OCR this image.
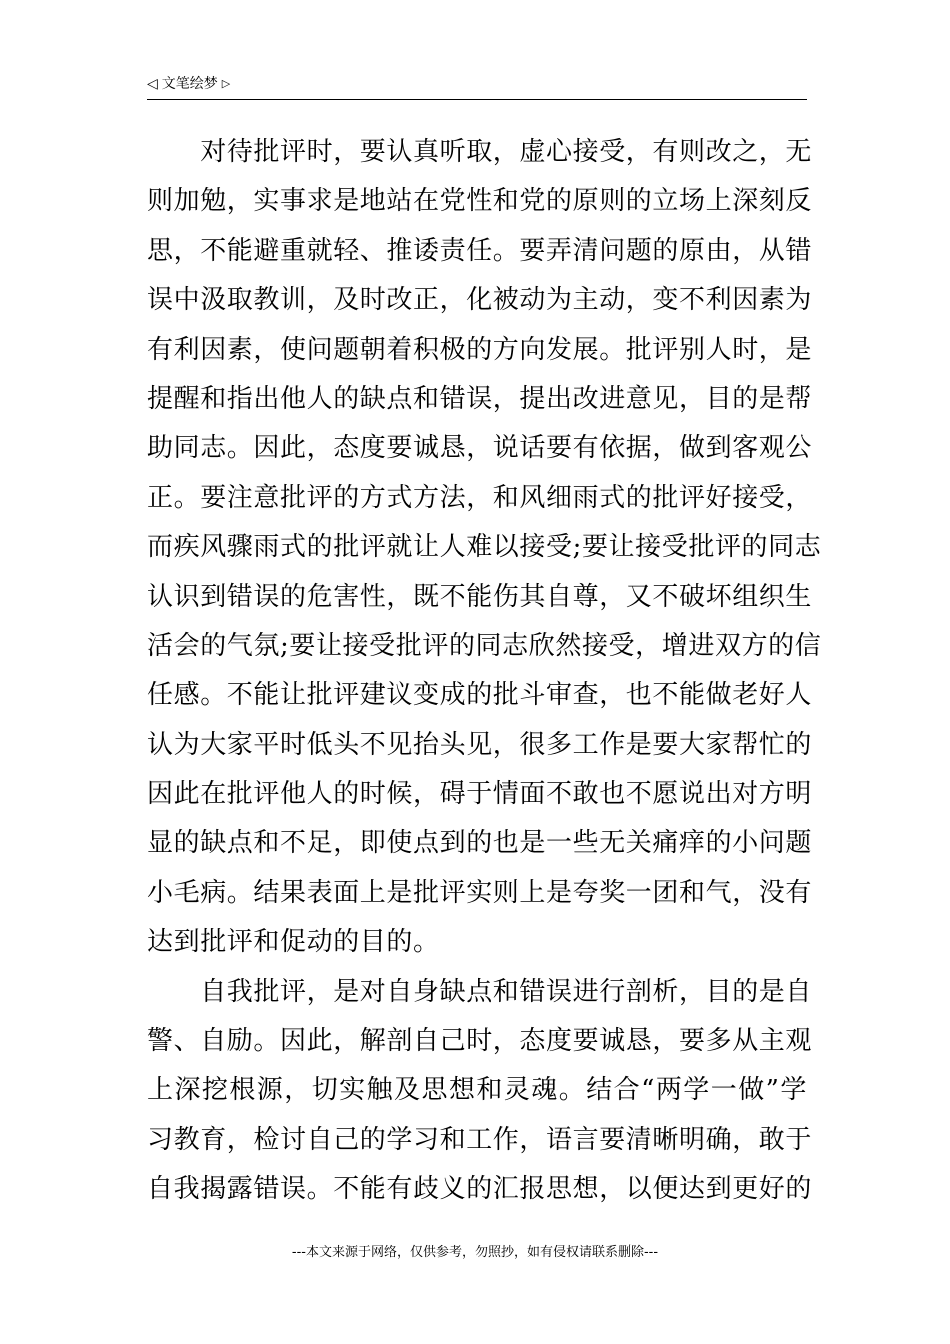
◁ 文笔绘梦 ▷
　　对待批评时，要认真听取，虚心接受，有则改之，无
则加勉，实事求是地站在党性和党的原则的立场上深刻反
思，不能避重就轻、推诿责任。要弄清问题的原由，从错
误中汲取教训，及时改正，化被动为主动，变不利因素为
有利因素，使问题朝着积极的方向发展。批评别人时，是
提醒和指出他人的缺点和错误，提出改进意见，目的是帮
助同志。因此，态度要诚恳，说话要有依据，做到客观公
正。要注意批评的方式方法，和风细雨式的批评好接受，
而疾风骤雨式的批评就让人难以接受;要让接受批评的同志
认识到错误的危害性，既不能伤其自尊，又不破坏组织生
活会的气氛;要让接受批评的同志欣然接受，增进双方的信
任感。不能让批评建议变成的批斗审查，也不能做老好人
认为大家平时低头不见抬头见，很多工作是要大家帮忙的
因此在批评他人的时候，碍于情面不敢也不愿说出对方明
显的缺点和不足，即使点到的也是一些无关痛痒的小问题
小毛病。结果表面上是批评实则上是夸奖一团和气，没有
达到批评和促动的目的。
　　自我批评，是对自身缺点和错误进行剖析，目的是自
警、自励。因此，解剖自己时，态度要诚恳，要多从主观
上深挖根源，切实触及思想和灵魂。结合“两学一做”学
习教育，检讨自己的学习和工作，语言要清晰明确，敢于
自我揭露错误。不能有歧义的汇报思想，以便达到更好的
---本文来源于网络，仅供参考，勿照抄，如有侵权请联系删除---
